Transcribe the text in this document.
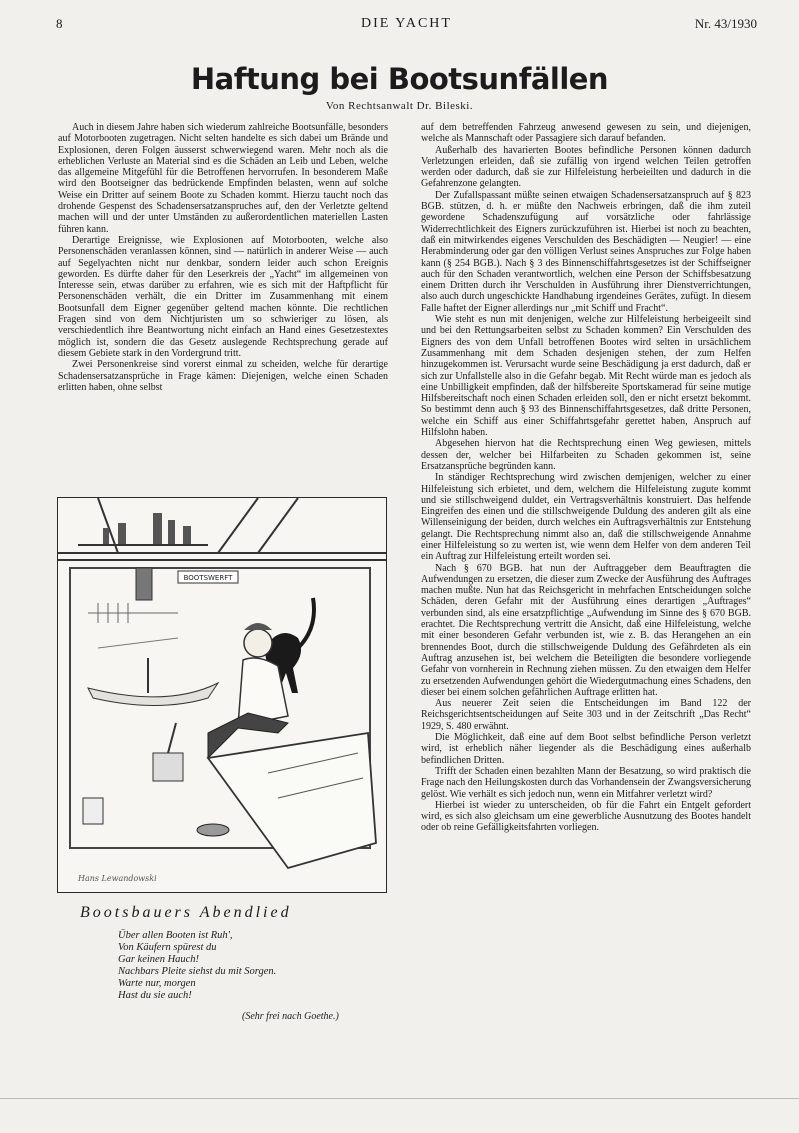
8	DIE YACHT	Nr. 43/1930
Haftung bei Bootsunfällen
Von Rechtsanwalt Dr. Bileski.

Auch in diesem Jahre haben sich wiederum zahlreiche Bootsunfälle, besonders auf Motorbooten zugetragen. Nicht selten handelte es sich dabei um Brände und Explosionen, deren Folgen äusserst schwerwiegend waren. Mehr noch als die erheblichen Verluste an Material sind es die Schäden an Leib und Leben, welche das allgemeine Mitgefühl für die Betroffenen hervorrufen. In besonderem Maße wird den Bootseigner das bedrückende Empfinden belasten, wenn auf solche Weise ein Dritter auf seinem Boote zu Schaden kommt. Hierzu taucht noch das drohende Gespenst des Schadensersatzanspruches auf, den der Verletzte geltend machen will und der unter Umständen zu außerordentlichen materiellen Lasten führen kann.

Derartige Ereignisse, wie Explosionen auf Motorbooten, welche also Personenschäden veranlassen können, sind — natürlich in anderer Weise — auch auf Segelyachten nicht nur denkbar, sondern leider auch schon Ereignis geworden. Es dürfte daher für den Leserkreis der „Yacht“ im allgemeinen von Interesse sein, etwas darüber zu erfahren, wie es sich mit der Haftpflicht für Personenschäden verhält, die ein Dritter im Zusammenhang mit einem Bootsunfall dem Eigner gegenüber geltend machen könnte. Die rechtlichen Fragen sind von dem Nichtjuristen um so schwieriger zu lösen, als verschiedentlich ihre Beantwortung nicht einfach an Hand eines Gesetzestextes möglich ist, sondern die das Gesetz auslegende Rechtsprechung gerade auf diesem Gebiete stark in den Vordergrund tritt.

Zwei Personenkreise sind vorerst einmal zu scheiden, welche für derartige Schadensersatzansprüche in Frage kämen: Diejenigen, welche einen Schaden erlitten haben, ohne selbst

BOOTSWERFT
Hans Lewandowski
Bootsbauers Abendlied
Über allen Booten ist Ruh',
Von Käufern spürest du
Gar keinen Hauch!
Nachbars Pleite siehst du mit Sorgen.
Warte nur, morgen
Hast du sie auch!
(Sehr frei nach Goethe.)

auf dem betreffenden Fahrzeug anwesend gewesen zu sein, und diejenigen, welche als Mannschaft oder Passagiere sich darauf befanden.

Außerhalb des havarierten Bootes befindliche Personen können dadurch Verletzungen erleiden, daß sie zufällig von irgend welchen Teilen getroffen werden oder dadurch, daß sie zur Hilfeleistung herbeieilten und dadurch in die Gefahrenzone gelangten.

Der Zufallspassant müßte seinen etwaigen Schadensersatzanspruch auf § 823 BGB. stützen, d. h. er müßte den Nachweis erbringen, daß die ihm zuteil gewordene Schadenszufügung auf vorsätzliche oder fahrlässige Widerrechtlichkeit des Eigners zurückzuführen ist. Hierbei ist noch zu beachten, daß ein mitwirkendes eigenes Verschulden des Beschädigten — Neugier! — eine Herabminderung oder gar den völligen Verlust seines Anspruches zur Folge haben kann (§ 254 BGB.). Nach § 3 des Binnenschiffahrtsgesetzes ist der Schiffseigner auch für den Schaden verantwortlich, welchen eine Person der Schiffsbesatzung einem Dritten durch ihr Verschulden in Ausführung ihrer Dienstverrichtungen, also auch durch ungeschickte Handhabung irgendeines Gerätes, zufügt. In diesem Falle haftet der Eigner allerdings nur „mit Schiff und Fracht“.

Wie steht es nun mit denjenigen, welche zur Hilfeleistung herbeigeeilt sind und bei den Rettungsarbeiten selbst zu Schaden kommen? Ein Verschulden des Eigners des von dem Unfall betroffenen Bootes wird selten in ursächlichem Zusammenhang mit dem Schaden desjenigen stehen, der zum Helfen hinzugekommen ist. Verursacht wurde seine Beschädigung ja erst dadurch, daß er sich zur Unfallstelle also in die Gefahr begab. Mit Recht würde man es jedoch als eine Unbilligkeit empfinden, daß der hilfsbereite Sportskamerad für seine mutige Hilfsbereitschaft noch einen Schaden erleiden soll, den er nicht ersetzt bekommt. So bestimmt denn auch § 93 des Binnenschiffahrtsgesetzes, daß dritte Personen, welche ein Schiff aus einer Schiffahrtsgefahr gerettet haben, Anspruch auf Hilfslohn haben.

Abgesehen hiervon hat die Rechtsprechung einen Weg gewiesen, mittels dessen der, welcher bei Hilfarbeiten zu Schaden gekommen ist, seine Ersatzansprüche begründen kann.

In ständiger Rechtsprechung wird zwischen demjenigen, welcher zu einer Hilfeleistung sich erbietet, und dem, welchem die Hilfeleistung zugute kommt und sie stillschweigend duldet, ein Vertragsverhältnis konstruiert. Das helfende Eingreifen des einen und die stillschweigende Duldung des anderen gilt als eine Willenseinigung der beiden, durch welches ein Auftragsverhältnis zur Entstehung gelangt. Die Rechtsprechung nimmt also an, daß die stillschweigende Annahme einer Hilfeleistung so zu werten ist, wie wenn dem Helfer von dem anderen Teil ein Auftrag zur Hilfeleistung erteilt worden sei.

Nach § 670 BGB. hat nun der Auftraggeber dem Beauftragten die Aufwendungen zu ersetzen, die dieser zum Zwecke der Ausführung des Auftrages machen mußte. Nun hat das Reichsgericht in mehrfachen Entscheidungen solche Schäden, deren Gefahr mit der Ausführung eines derartigen „Auftrages“ verbunden sind, als eine ersatzpflichtige „Aufwendung im Sinne des § 670 BGB. erachtet. Die Rechtsprechung vertritt die Ansicht, daß eine Hilfeleistung, welche mit einer besonderen Gefahr verbunden ist, wie z. B. das Herangehen an ein brennendes Boot, durch die stillschweigende Duldung des Gefährdeten als ein Auftrag anzusehen ist, bei welchem die Beteiligten die besondere vorliegende Gefahr von vornherein in Rechnung ziehen müssen. Zu den etwaigen dem Helfer zu ersetzenden Aufwendungen gehört die Wiedergutmachung eines Schadens, den dieser bei einem solchen gefährlichen Auftrage erlitten hat.

Aus neuerer Zeit seien die Entscheidungen im Band 122 der Reichsgerichtsentscheidungen auf Seite 303 und in der Zeitschrift „Das Recht“ 1929, S. 480 erwähnt.

Die Möglichkeit, daß eine auf dem Boot selbst befindliche Person verletzt wird, ist erheblich näher liegender als die Beschädigung eines außerhalb befindlichen Dritten.

Trifft der Schaden einen bezahlten Mann der Besatzung, so wird praktisch die Frage nach den Heilungskosten durch das Vorhandensein der Zwangsversicherung gelöst. Wie verhält es sich jedoch nun, wenn ein Mitfahrer verletzt wird?

Hierbei ist wieder zu unterscheiden, ob für die Fahrt ein Entgelt gefordert wird, es sich also gleichsam um eine gewerbliche Ausnutzung des Bootes handelt oder ob reine Gefälligkeitsfahrten vorliegen.
